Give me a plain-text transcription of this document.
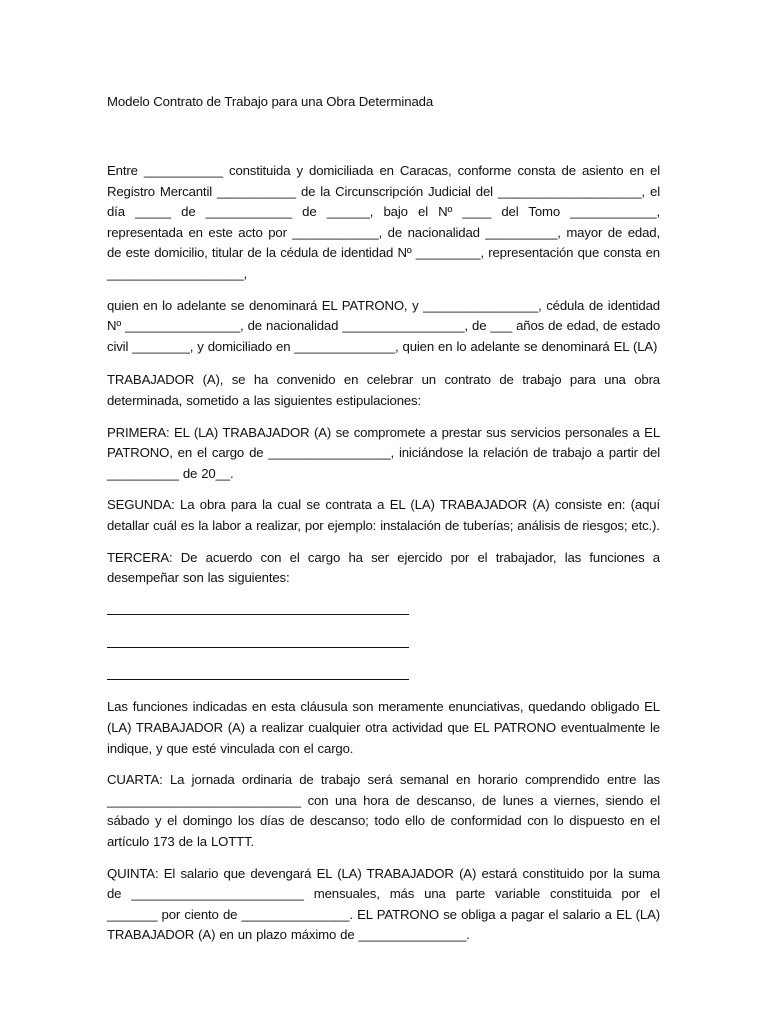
Modelo Contrato de Trabajo para una Obra Determinada

Entre ___________ constituida y domiciliada en Caracas, conforme consta de asiento en el Registro Mercantil ___________ de la Circunscripción Judicial del ____________________, el día _____ de ____________ de ______, bajo el Nº ____ del Tomo ____________, representada en este acto por ____________, de nacionalidad __________, mayor de edad, de este domicilio, titular de la cédula de identidad Nº _________, representación que consta en ___________________,

quien en lo adelante se denominará EL PATRONO, y ________________, cédula de identidad Nº ________________, de nacionalidad _________________, de ___ años de edad, de estado civil ________, y domiciliado en ______________, quien en lo adelante se denominará EL (LA)

TRABAJADOR (A), se ha convenido en celebrar un contrato de trabajo para una obra determinada, sometido a las siguientes estipulaciones:

PRIMERA: EL (LA) TRABAJADOR (A) se compromete a prestar sus servicios personales a EL PATRONO, en el cargo de _________________, iniciándose la relación de trabajo a partir del __________ de 20__.

SEGUNDA: La obra para la cual se contrata a EL (LA) TRABAJADOR (A) consiste en: (aquí detallar cuál es la labor a realizar, por ejemplo: instalación de tuberías; análisis de riesgos; etc.).

TERCERA: De acuerdo con el cargo ha ser ejercido por el trabajador, las funciones a desempeñar son las siguientes:

Las funciones indicadas en esta cláusula son meramente enunciativas, quedando obligado EL (LA) TRABAJADOR (A) a realizar cualquier otra actividad que EL PATRONO eventualmente le indique, y que esté vinculada con el cargo.

CUARTA: La jornada ordinaria de trabajo será semanal en horario comprendido entre las ___________________________ con una hora de descanso, de lunes a viernes, siendo el sábado y el domingo los días de descanso; todo ello de conformidad con lo dispuesto en el artículo 173 de la LOTTT.

QUINTA: El salario que devengará EL (LA) TRABAJADOR (A) estará constituido por la suma de ________________________ mensuales, más una parte variable constituida por el _______ por ciento de _______________. EL PATRONO se obliga a pagar el salario a EL (LA) TRABAJADOR (A) en un plazo máximo de _______________.
